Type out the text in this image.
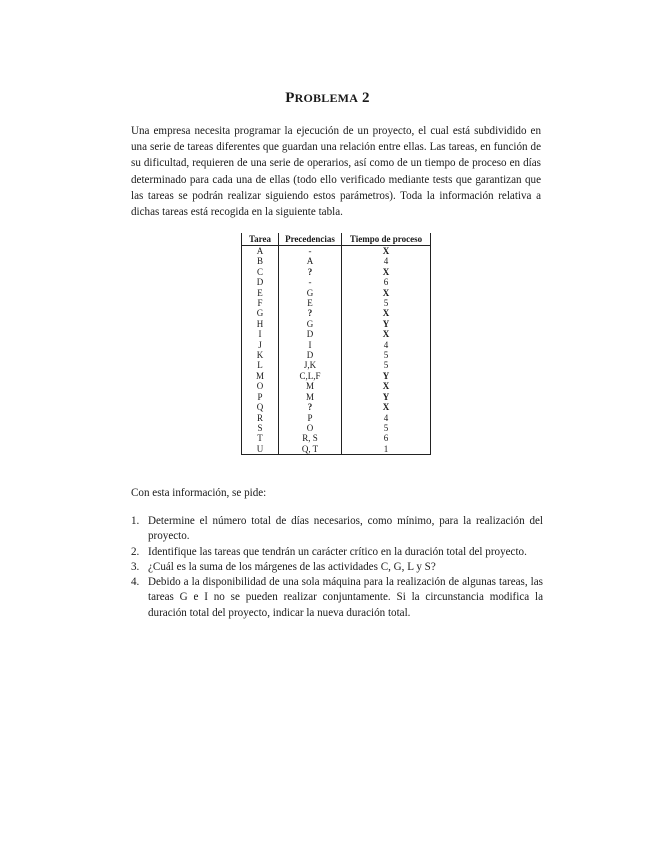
PROBLEMA 2
Una empresa necesita programar la ejecución de un proyecto, el cual está subdividido en una serie de tareas diferentes que guardan una relación entre ellas. Las tareas, en función de su dificultad, requieren de una serie de operarios, así como de un tiempo de proceso en días determinado para cada una de ellas (todo ello verificado mediante tests que garantizan que las tareas se podrán realizar siguiendo estos parámetros). Toda la información relativa a dichas tareas está recogida en la siguiente tabla.
Tarea	Precedencias	Tiempo de proceso
A	-	X
B	A	4
C	?	X
D	-	6
E	G	X
F	E	5
G	?	X
H	G	Y
I	D	X
J	I	4
K	D	5
L	J,K	5
M	C,L,F	Y
O	M	X
P	M	Y
Q	?	X
R	P	4
S	O	5
T	R, S	6
U	Q, T	1
Con esta información, se pide:
1. Determine el número total de días necesarios, como mínimo, para la realización del proyecto.
2. Identifique las tareas que tendrán un carácter crítico en la duración total del proyecto.
3. ¿Cuál es la suma de los márgenes de las actividades C, G, L y S?
4. Debido a la disponibilidad de una sola máquina para la realización de algunas tareas, las tareas G e I no se pueden realizar conjuntamente. Si la circunstancia modifica la duración total del proyecto, indicar la nueva duración total.
